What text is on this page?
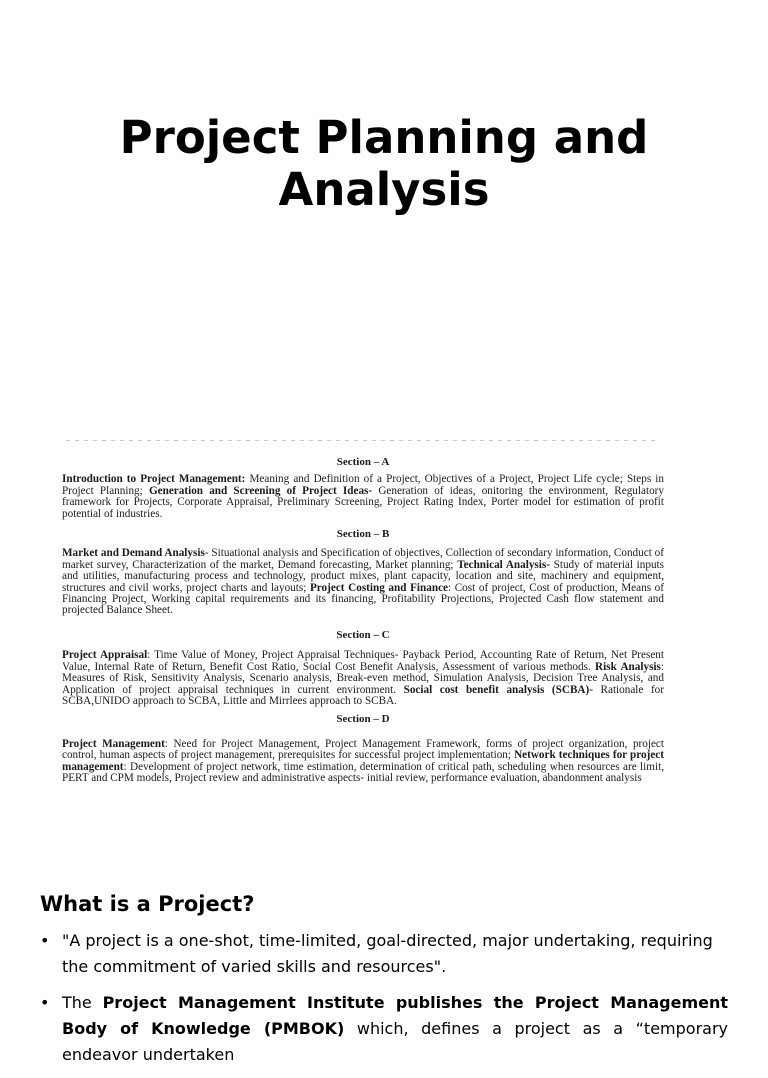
Project Planning and Analysis
Section – A

Introduction to Project Management: Meaning and Definition of a Project, Objectives of a Project, Project Life cycle; Steps in Project Planning; Generation and Screening of Project Ideas- Generation of ideas, onitoring the environment, Regulatory framework for Projects, Corporate Appraisal, Preliminary Screening, Project Rating Index, Porter model for estimation of profit potential of industries.

Section – B

Market and Demand Analysis- Situational analysis and Specification of objectives, Collection of secondary information, Conduct of market survey, Characterization of the market, Demand forecasting, Market planning; Technical Analysis- Study of material inputs and utilities, manufacturing process and technology, product mixes, plant capacity, location and site, machinery and equipment, structures and civil works, project charts and layouts; Project Costing and Finance: Cost of project, Cost of production, Means of Financing Project, Working capital requirements and its financing, Profitability Projections, Projected Cash flow statement and projected Balance Sheet.

Section – C

Project Appraisal: Time Value of Money, Project Appraisal Techniques- Payback Period, Accounting Rate of Return, Net Present Value, Internal Rate of Return, Benefit Cost Ratio, Social Cost Benefit Analysis, Assessment of various methods. Risk Analysis: Measures of Risk, Sensitivity Analysis, Scenario analysis, Break-even method, Simulation Analysis, Decision Tree Analysis, and Application of project appraisal techniques in current environment. Social cost benefit analysis (SCBA)- Rationale for SCBA,UNIDO approach to SCBA, Little and Mirrlees approach to SCBA.

Section – D

Project Management: Need for Project Management, Project Management Framework, forms of project organization, project control, human aspects of project management, prerequisites for successful project implementation; Network techniques for project management: Development of project network, time estimation, determination of critical path, scheduling when resources are limit, PERT and CPM models, Project review and administrative aspects- initial review, performance evaluation, abandonment analysis

What is a Project?
• "A project is a one-shot, time-limited, goal-directed, major undertaking, requiring the commitment of varied skills and resources".
• The Project Management Institute publishes the Project Management Body of Knowledge (PMBOK) which, defines a project as a “temporary endeavor undertaken
